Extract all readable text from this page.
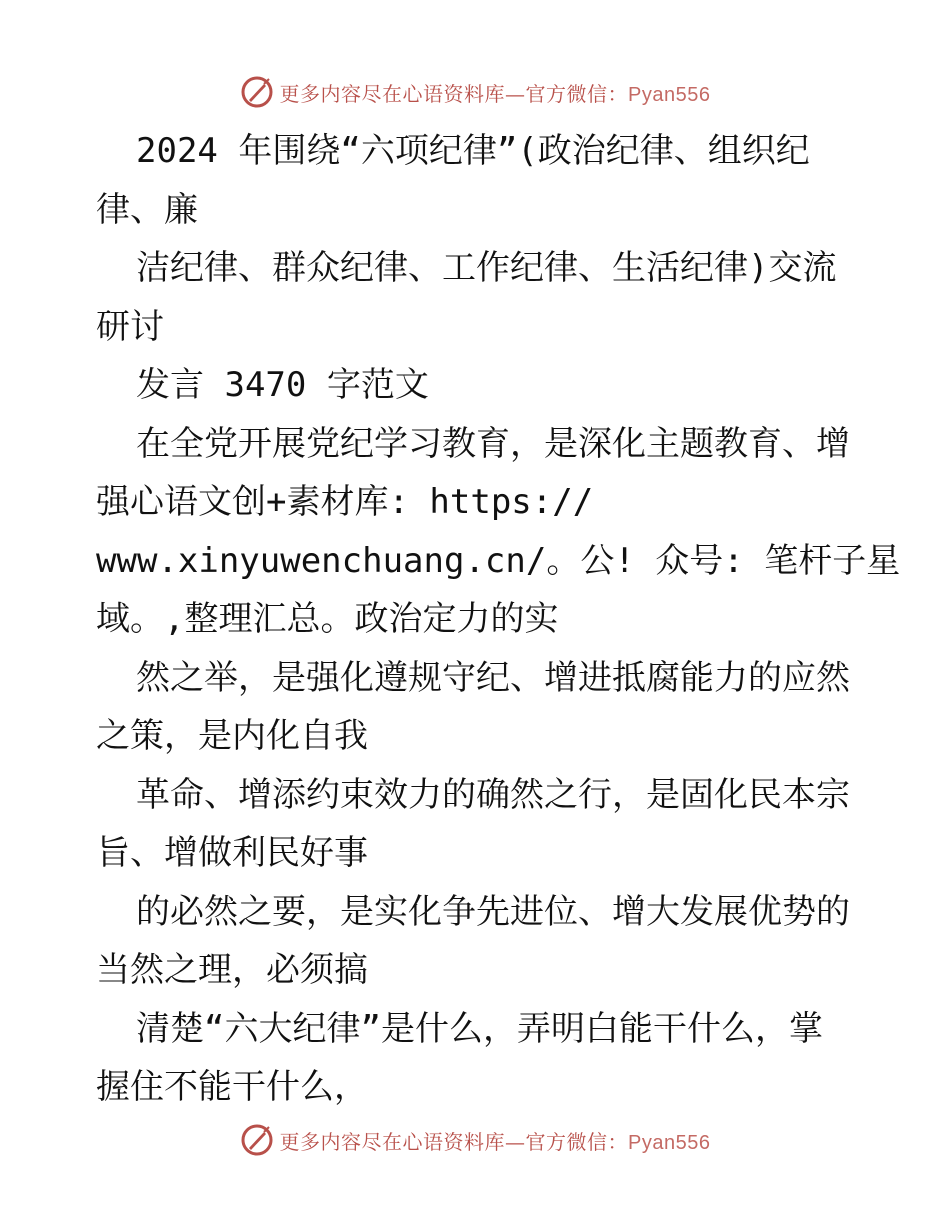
更多内容尽在心语资料库—官方微信：Pyan556

2024 年围绕“六项纪律”(政治纪律、组织纪

律、廉

洁纪律、群众纪律、工作纪律、生活纪律)交流

研讨

发言 3470 字范文

在全党开展党纪学习教育，是深化主题教育、增

强心语文创+素材库: https://

www.xinyuwenchuang.cn/。公! 众号: 笔杆子星

域。,整理汇总。政治定力的实

然之举，是强化遵规守纪、增进抵腐能力的应然

之策，是内化自我

革命、增添约束效力的确然之行，是固化民本宗

旨、增做利民好事

的必然之要，是实化争先进位、增大发展优势的

当然之理，必须搞

清楚“六大纪律”是什么，弄明白能干什么，掌

握住不能干什么，

更多内容尽在心语资料库—官方微信：Pyan556
